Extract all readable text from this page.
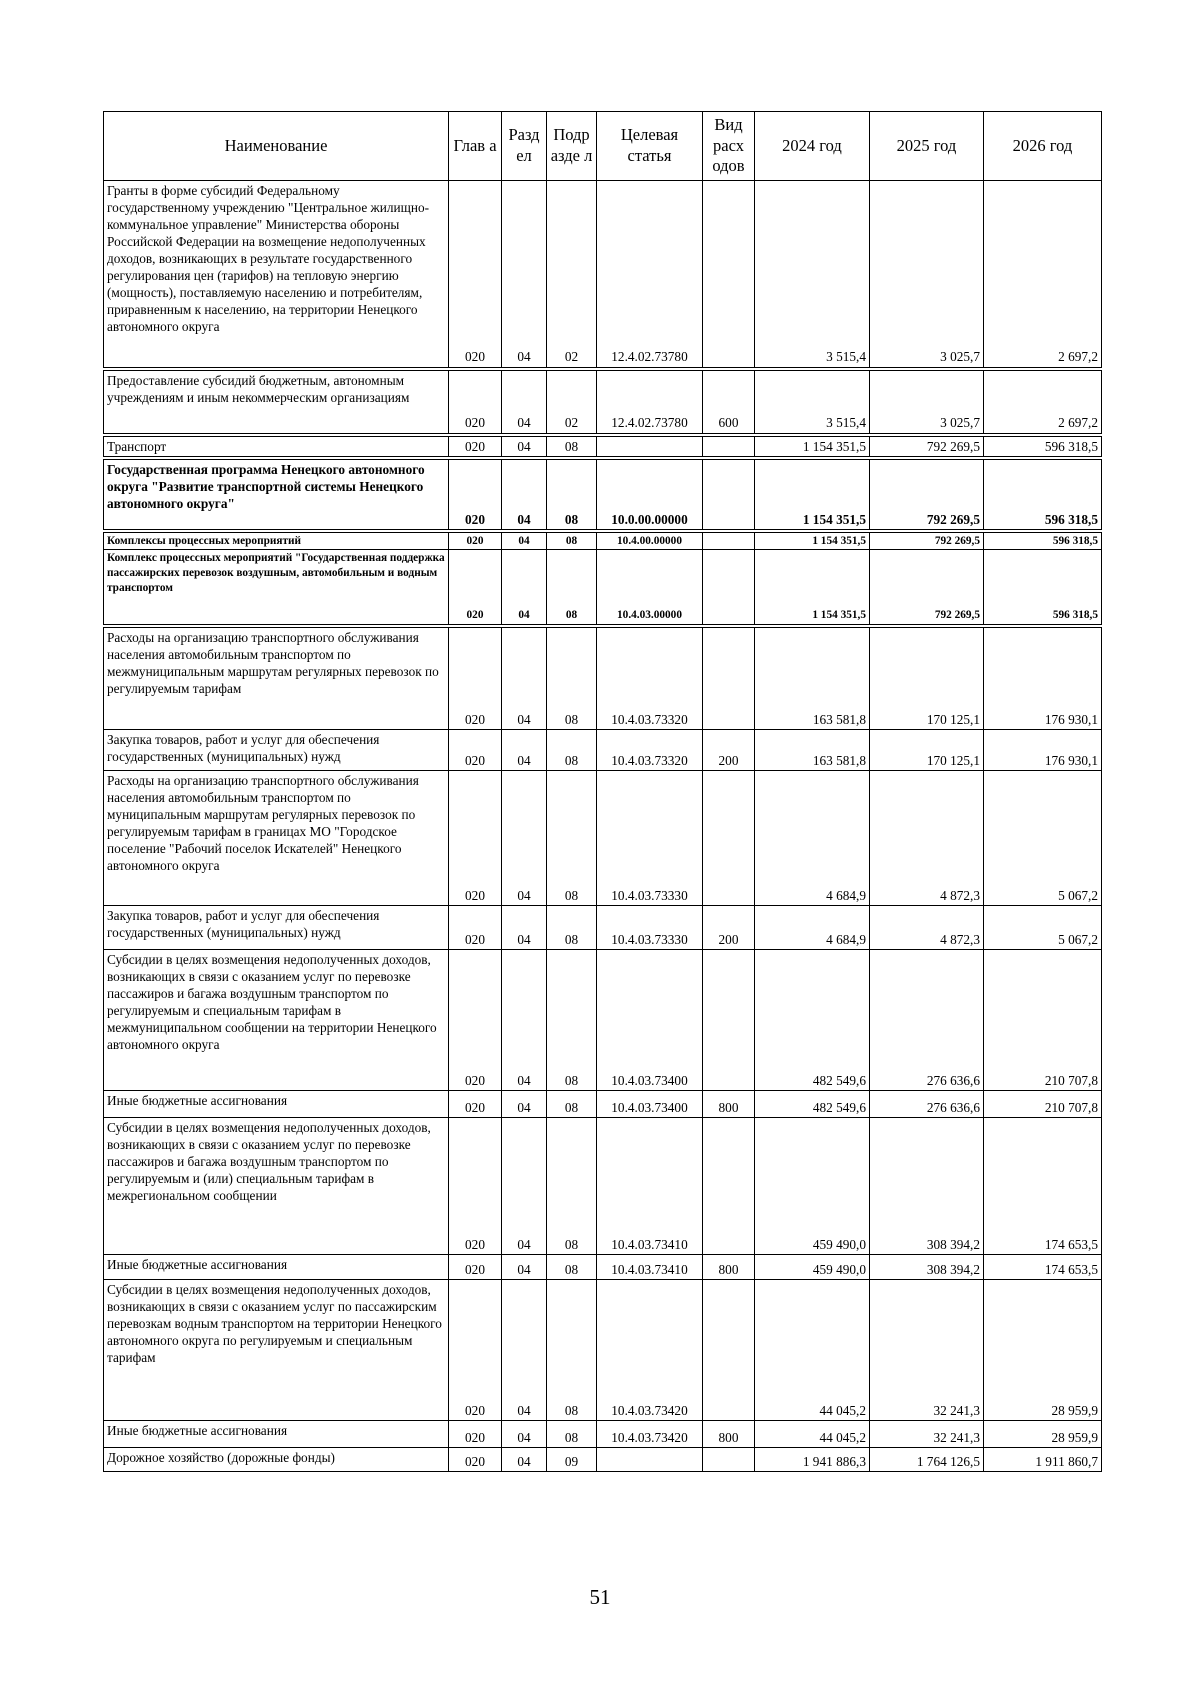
Наименование	Глав а	Разд ел	Подр азде л	Целевая статья	Вид расх одов	2024 год	2025 год	2026 год
Гранты в форме субсидий Федеральному государственному учреждению "Центральное жилищно-коммунальное управление" Министерства обороны Российской Федерации на возмещение недополученных доходов, возникающих в результате государственного регулирования цен (тарифов) на тепловую энергию (мощность), поставляемую населению и потребителям, приравненным к населению, на территории Ненецкого автономного округа	020	04	02	12.4.02.73780		3 515,4	3 025,7	2 697,2
Предоставление субсидий бюджетным, автономным учреждениям и иным некоммерческим организациям	020	04	02	12.4.02.73780	600	3 515,4	3 025,7	2 697,2
Транспорт	020	04	08			1 154 351,5	792 269,5	596 318,5
Государственная программа Ненецкого автономного округа "Развитие транспортной системы Ненецкого автономного округа"	020	04	08	10.0.00.00000		1 154 351,5	792 269,5	596 318,5
Комплексы процессных мероприятий	020	04	08	10.4.00.00000		1 154 351,5	792 269,5	596 318,5
Комплекс процессных мероприятий "Государственная поддержка пассажирских перевозок воздушным, автомобильным и водным транспортом	020	04	08	10.4.03.00000		1 154 351,5	792 269,5	596 318,5
Расходы на организацию транспортного обслуживания населения автомобильным транспортом по межмуниципальным маршрутам регулярных перевозок по регулируемым тарифам	020	04	08	10.4.03.73320		163 581,8	170 125,1	176 930,1
Закупка товаров, работ и услуг для обеспечения государственных (муниципальных) нужд	020	04	08	10.4.03.73320	200	163 581,8	170 125,1	176 930,1
Расходы на организацию транспортного обслуживания населения автомобильным транспортом по муниципальным маршрутам регулярных перевозок по регулируемым тарифам в границах МО "Городское поселение "Рабочий поселок Искателей" Ненецкого автономного округа	020	04	08	10.4.03.73330		4 684,9	4 872,3	5 067,2
Закупка товаров, работ и услуг для обеспечения государственных (муниципальных) нужд	020	04	08	10.4.03.73330	200	4 684,9	4 872,3	5 067,2
Субсидии в целях возмещения недополученных доходов, возникающих в связи с оказанием услуг по перевозке пассажиров и багажа воздушным транспортом по регулируемым и специальным тарифам в межмуниципальном сообщении на территории Ненецкого автономного округа	020	04	08	10.4.03.73400		482 549,6	276 636,6	210 707,8
Иные бюджетные ассигнования	020	04	08	10.4.03.73400	800	482 549,6	276 636,6	210 707,8
Субсидии в целях возмещения недополученных доходов, возникающих в связи с оказанием услуг по перевозке пассажиров и багажа воздушным транспортом по регулируемым и (или) специальным тарифам в межрегиональном сообщении	020	04	08	10.4.03.73410		459 490,0	308 394,2	174 653,5
Иные бюджетные ассигнования	020	04	08	10.4.03.73410	800	459 490,0	308 394,2	174 653,5
Субсидии в целях возмещения недополученных доходов, возникающих в связи с оказанием услуг по пассажирским перевозкам водным транспортом на территории Ненецкого автономного округа по регулируемым и специальным тарифам	020	04	08	10.4.03.73420		44 045,2	32 241,3	28 959,9
Иные бюджетные ассигнования	020	04	08	10.4.03.73420	800	44 045,2	32 241,3	28 959,9
Дорожное хозяйство (дорожные фонды)	020	04	09			1 941 886,3	1 764 126,5	1 911 860,7
51
